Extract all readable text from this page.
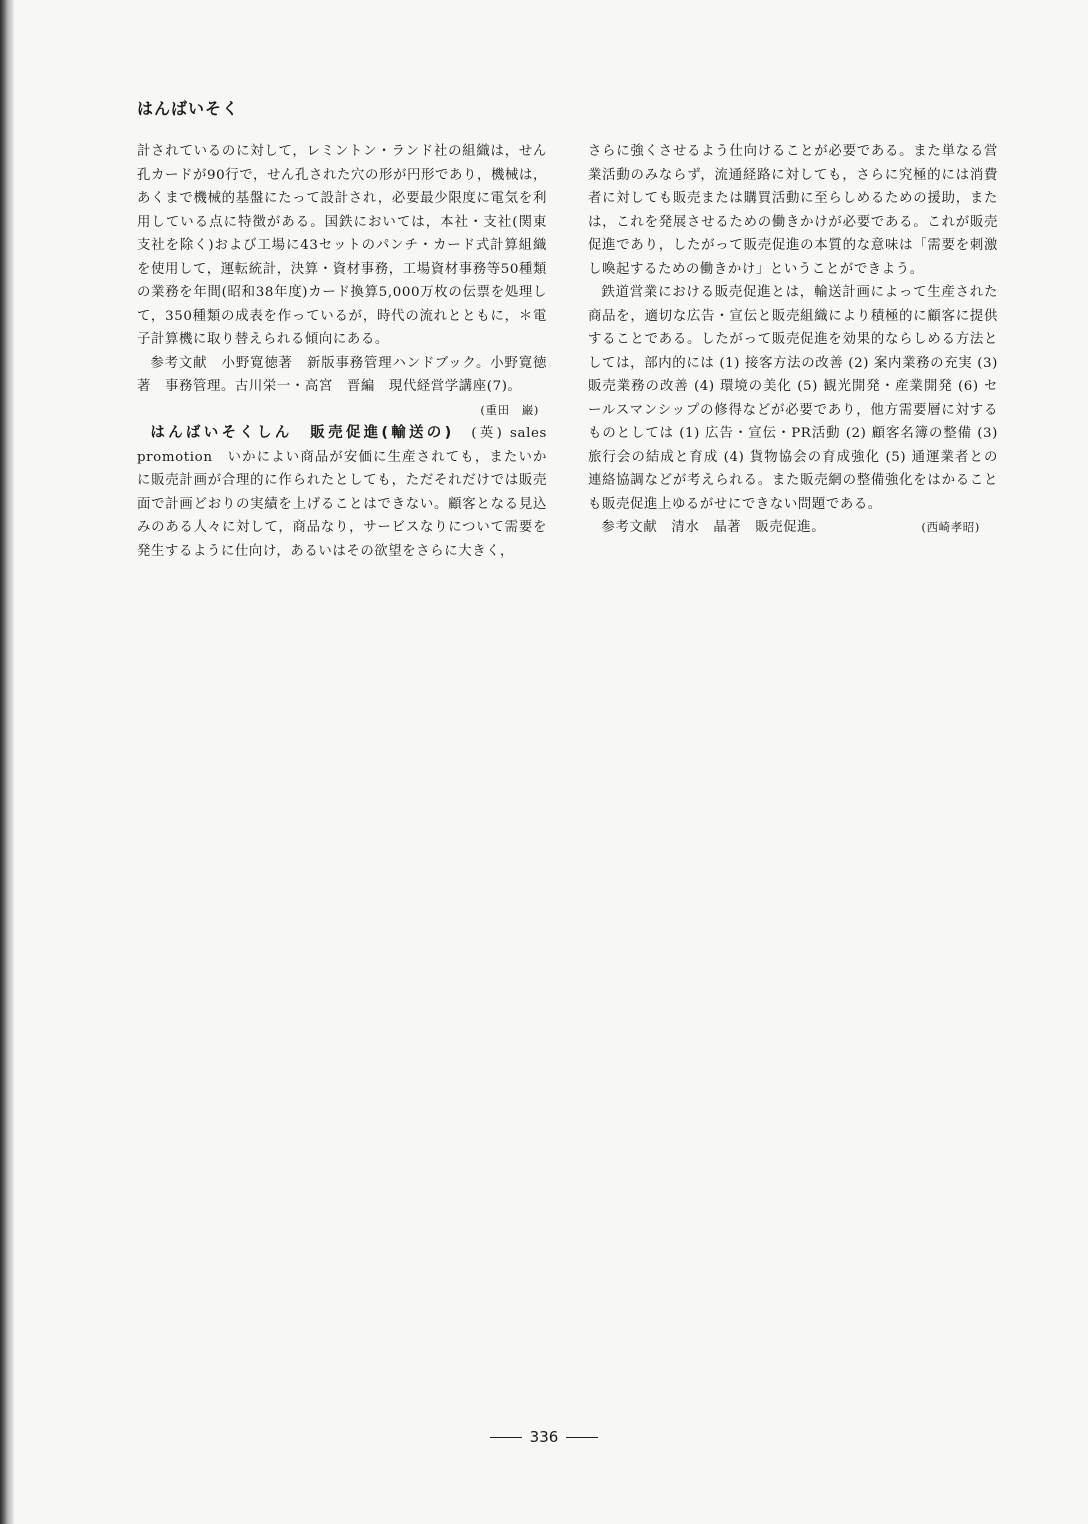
はんばいそく

計されているのに対して，レミントン・ランド社の組織は，せん孔カードが90行で，せん孔された穴の形が円形であり，機械は，あくまで機械的基盤にたって設計され，必要最少限度に電気を利用している点に特徴がある。国鉄においては，本社・支社(関東支社を除く)および工場に43セットのパンチ・カード式計算組織を使用して，運転統計，決算・資材事務，工場資材事務等50種類の業務を年間(昭和38年度)カード換算5,000万枚の伝票を処理して，350種類の成表を作っているが，時代の流れとともに，＊電子計算機に取り替えられる傾向にある。

参考文献　小野寛徳著　新版事務管理ハンドブック。小野寛徳著　事務管理。古川栄一・高宮　晋編　現代経営学講座(7)。

(重田　巌)

はんばいそくしん　販売促進(輸送の)　 (英) sales promotion　いかによい商品が安価に生産されても，またいかに販売計画が合理的に作られたとしても，ただそれだけでは販売面で計画どおりの実績を上げることはできない。顧客となる見込みのある人々に対して，商品なり，サービスなりについて需要を発生するように仕向け，あるいはその欲望をさらに大きく，

さらに強くさせるよう仕向けることが必要である。また単なる営業活動のみならず，流通経路に対しても，さらに究極的には消費者に対しても販売または購買活動に至らしめるための援助，または，これを発展させるための働きかけが必要である。これが販売促進であり，したがって販売促進の本質的な意味は「需要を刺激し喚起するための働きかけ」ということができよう。

鉄道営業における販売促進とは，輸送計画によって生産された商品を，適切な広告・宣伝と販売組織により積極的に顧客に提供することである。したがって販売促進を効果的ならしめる方法としては，部内的には (1) 接客方法の改善 (2) 案内業務の充実 (3) 販売業務の改善 (4) 環境の美化 (5) 観光開発・産業開発 (6) セールスマンシップの修得などが必要であり，他方需要層に対するものとしては (1) 広告・宣伝・PR活動 (2) 顧客名簿の整備 (3) 旅行会の結成と育成 (4) 貨物協会の育成強化 (5) 通運業者との連絡協調などが考えられる。また販売網の整備強化をはかることも販売促進上ゆるがせにできない問題である。

参考文献　清水　晶著　販売促進。	(西崎孝昭)

336
